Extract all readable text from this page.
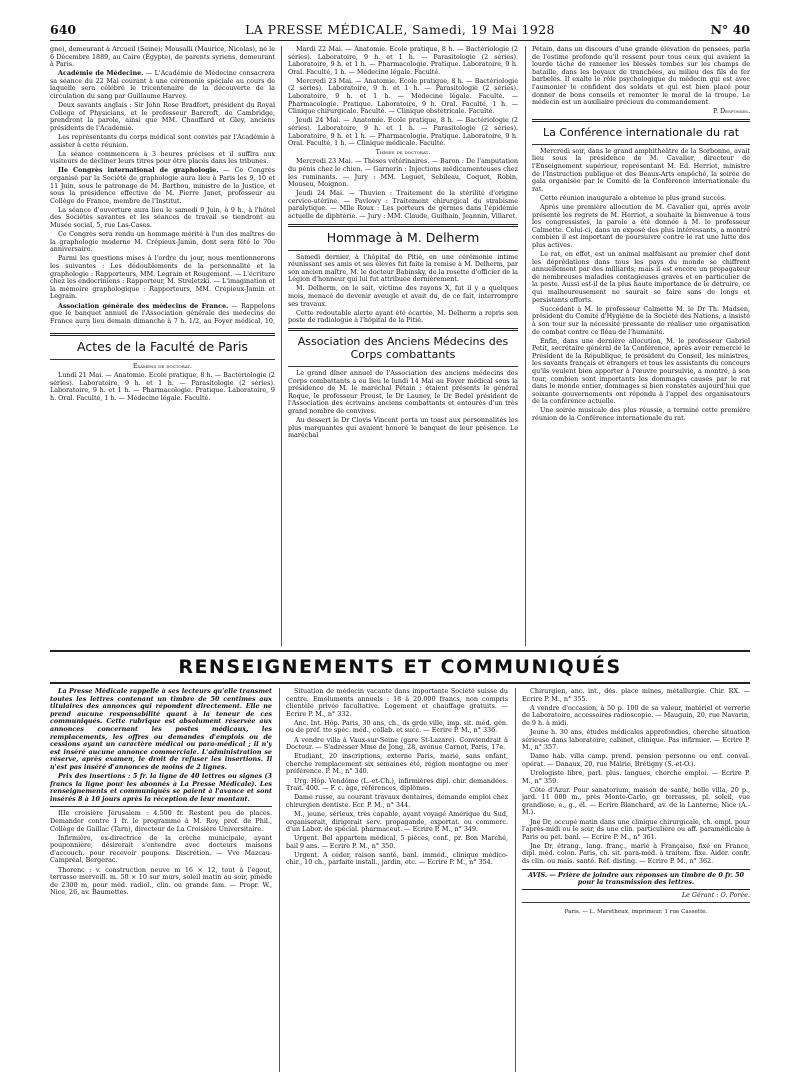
640	LA PRESSE MÉDICALE, Samedi, 19 Mai 1928	N° 40

gne), demeurant à Arcueil (Seine); Mousalli (Maurice, Nicolas), né le 6 Décembre 1889, au Caire (Égypte), de parents syriens, demeurant à Paris.

Académie de Médecine. — L'Académie de Médecine consacrera sa séance du 22 Mai courant à une cérémonie spéciale au cours de laquelle sera célébré le tricentenaire de la découverte de la circulation du sang par Guillaume Harvey.

Deux savants anglais : Sir John Rose Bradfort, président du Royal College of Physicians, et le professeur Barcroft, de Cambridge, prendront la parole, ainsi que MM. Chauffard et Gley, anciens présidents de l'Académie.

Les représentants du corps médical sont conviés par l'Académie à assister à cette réunion.

La séance commencera à 3 heures précises et il suffira aux visiteurs de décliner leurs titres pour être placés dans les tribunes.

IIe Congrès international de graphologie. — Ce Congrès organisé par la Société de graphologie aura lieu à Paris les 9, 10 et 11 Juin, sous le patronage de M. Barthou, ministre de la Justice, et sous la présidence effective de M. Pierre Janet, professeur au Collège de France, membre de l'Institut.

La séance d'ouverture aura lieu le samedi 9 Juin, à 9 h., à l'hôtel des Sociétés savantes et les séances de travail se tiendront au Musée social, 5, rue Las-Cases.

Ce Congrès sera rendu un hommage mérité à l'un des maîtres de la graphologie moderne M. Crépieux-Jamin, dont sera fêté le 70e anniversaire.

Parmi les questions mises à l'ordre du jour, nous mentionnerons les suivantes : Les dédoublements de la personnalité et la graphologie : Rapporteurs, MM. Legrain et Rougemont. — L'écriture chez les endocriniens : Rapporteur, M. Streletzki. — L'imagination et la mémoire graphologique : Rapporteurs, MM. Crépieux-Jamin et Legrain.

Association générale des médecins de France. — Rappelons que le banquet annuel de l'Association générale des médecins de France aura lieu demain dimanche à 7 h. 1/2, au Foyer médical, 10,

Actes de la Faculté de Paris

Examens de doctorat.

Lundi 21 Mai. — Anatomie. Ecole pratique, 8 h. — Bactériologie (2 séries). Laboratoire, 9 h. et 1 h. — Parasitologie (2 séries). Laboratoire, 9 h. et 1 h. — Pharmacologie. Pratique. Laboratoire, 9 h. Oral. Faculté, 1 h. — Médecine légale. Faculté.

Mardi 22 Mai. — Anatomie. Ecole pratique, 8 h. — Bactériologie (2 séries). Laboratoire, 9 h. et 1 h. — Parasitologie (2 séries). Laboratoire, 9 h. et 1 h. — Pharmacologie. Pratique. Laboratoire, 9 h. Oral. Faculté, 1 h. — Médecine légale. Faculté.

Mercredi 23 Mai. — Anatomie. Ecole pratique, 8 h. — Bactériologie (2 séries). Laboratoire, 9 h. et 1 h. — Parasitologie (2 séries). Laboratoire, 9 h. et 1 h. — Médecine légale. Faculté. — Pharmacologie. Pratique. Laboratoire, 9 h. Oral. Faculté, 1 h. — Clinique chirurgicale. Faculté. — Clinique obstétricale. Faculté.

Jeudi 24 Mai. — Anatomie. Ecole pratique, 8 h. — Bactériologie (2 séries). Laboratoire, 9 h. et 1 h. — Parasitologie (2 séries). Laboratoire, 9 h. et 1 h. — Pharmacologie. Pratique. Laboratoire, 9 h. Oral. Faculté, 1 h. — Clinique médicale. Faculté.

Thèses de doctorat.

Mercredi 23 Mai. — Thèses vétérinaires. — Baron : De l'amputation du pénis chez le chien. — Garnerin : Injections médicamenteuses chez les ruminants. — Jury : MM. Leguet, Sebileau, Coquot, Robin, Mouseu, Moignon.

Jeudi 24 Mai. — Thuvien : Traitement de la stérilité d'origine cervico-utérine. — Pavlowy : Traitement chirurgical du strabisme paralytique. — Mlle Roux : Les porteurs de germes dans l'épidémie actuelle de diphtérie. — Jury : MM. Claude, Guilhain, Jeannin, Villaret.

Hommage à M. Delherm

Samedi dernier, à l'hôpital de Pitié, en une cérémonie intime réunissant ses amis et ses élèves fut faite la remise à M. Delherm, par son ancien maître, M. le docteur Babinsky, de la rosette d'officier de la Légion d'honneur qui lui fut attribuée dernièrement.

M. Delherm, on le sait, victime des rayons X, fut il y a quelques mois, menacé de devenir aveugle et avait du, de ce fait, interrompre ses travaux.

Cette redoutable alerte ayant été écartée, M. Delherm a repris son poste de radiologue à l'hôpital de la Pitié.

Association des Anciens Médecins des Corps combattants

Le grand dîner annuel de l'Association des anciens médecins des Corps combattants a eu lieu le lundi 14 Mai au Foyer médical sous la présidence de M. le maréchal Pétain ; étaient présents le général Roque, le professeur Proust, le Dr Launey, le Dr Bedel président de l'Association des écrivains anciens combattants et entourés d'un très grand nombre de convives.

Au dessert le Dr Clovis Vincent porta un toast aux personnalités les plus marquantes qui avaient honoré le banquet de leur présence. Le maréchal

Pétain, dans un discours d'une grande élévation de pensées, parla de l'estime profonde qu'il ressent pour tous ceux qui avaient la lourde tâche de ramener les blessés tombés sur les champs de bataille, dans les boyaux de tranchées, au milieu des fils de fer barbelés. Il exalte le rôle psychologique du médecin qui est avec l'aumonier le confident des soldats et qui est bien placé pour donner de bons conseils et remonter le moral de la troupe. Le médecin est un auxiliaire précieux du commandement.

P. Desfosses.

La Conférence internationale du rat

Mercredi soir, dans le grand amphithéâtre de la Sorbonne, avait lieu sous la présidence de M. Cavalier, directeur de l'Enseignement supérieur, représentant M. Ed. Herriot, ministre de l'Instruction publique et des Beaux-Arts empêché, la soirée de gala organisée par le Comité de la Conférence internationale du rat.

Cette réunion inaugurale a obtenue le plus grand succès.

Après une première allocution de M. Cavalier qui, après avoir présenté les regrets de M. Herriot, a souhaité la bienvenue à tous les congressistes, la parole a été donnée à M. le professeur Calmette. Celui-ci, dans un exposé des plus intéressants, a montré combien il est important de poursuivre contre le rat une lutte des plus actives.

Le rat, en effet, est un animal malfaisant au premier chef dont les déprédations dans tous les pays du monde se chiffrent annuellement par des milliards; mais il est encore un propagateur de nombreuses maladies contagieuses graves et en particulier de la peste. Aussi est-il de la plus haute importance de le détruire, ce qui malheureusement ne saurait se faire sans de longs et persistants efforts.

Succédant à M. le professeur Calmette M. le Dr Th. Madsen, président du Comité d'Hygiène de la Société des Nations, a insisté à son tour sur la nécessité pressante de réaliser une organisation de combat contre ce fléau de l'humanité.

Enfin, dans une dernière allocution, M. le professeur Gabriel Petit, secrétaire général de la Conférence, après avoir remercié le Président de la République, le président du Conseil, les ministres, les savants français et étrangers et tous les assistants du concours qu'ils veulent bien apporter à l'œuvre poursuivie, a montré, à son tour, combien sont importants les dommages causés par le rat dans le monde entier, dommages si bien constatés aujourd'hui que soixante gouvernements ont répondu à l'appel des organisateurs de la conférence actuelle.

Une soirée musicale des plus réussie, a terminé cette première réunion de la Conférence internationale du rat.

RENSEIGNEMENTS ET COMMUNIQUÉS

La Presse Médicale rappelle à ses lecteurs qu'elle transmet toutes les lettres contenant un timbre de 50 centimes aux titulaires des annonces qui répondent directement. Elle ne prend aucune responsabilité quant à la teneur de ces communiqués. Cette rubrique est absolument réservée aux annonces concernant les postes médicaux, les remplacements, les offres ou demandes d'emplois ou de cessions ayant un caractère médical ou para-médical ; il n'y est inséré aucune annonce commerciale. L'administration se réserve, après examen, le droit de refuser les insertions. Il n'est pas inséré d'annonces de moins de 2 lignes.

Prix des insertions : 5 fr. la ligne de 40 lettres ou signes (3 francs la ligne pour les abonnés à La Presse Médicale). Les renseignements et communiqués se paient à l'avance et sont insérés 8 à 10 jours après la réception de leur montant.

IIIe croisière Jérusalem : 4.500 fr. Restent peu de places. Demander contre 1 fr. le programme à M. Roy, prof. de Phil., Collège de Gaillac (Tarn), directeur de La Croisière Universitaire.

Infirmière, ex-directrice de la crèche municipale, ayant pouponnière, désirerait s'entendre avec docteurs maisons d'accouch. pour recevoir poupons. Discrétion. — Vve Mazcau-Campréal, Bergerac.

Thorenc : v. construction neuve m 16 × 12, tout à l'égout, terrasse merveill. m. 50 × 10 sur murs, soleil matin au soir, pinède de 2300 m, pour méd. radiol., clin. ou grande fam. — Propr. W., Nice, 26, av. Baumettes.

Situation de médecin vacante dans importante Société suisse du centre. Emoluments annuels : 18 à 20.000 francs, non compris clientèle privée facultative. Logement et chauffage gratuits. — Ecrire P. M., n° 332.

Anc. Int. Hôp. Paris, 30 ans, ch., ds grde ville, imp. sit. méd. gén. ou de préf. tte spéc. méd., collab. et succ. — Ecrire P. M., n° 336.

A vendre villa à Vaux-sur-Seine (gare St-Lazare). Conviendrait à Docteur. — S'adresser Mme de Jong, 28, avenue Carnot, Paris, 17e.

Etudiant, 20 inscriptions, externe Paris, marié, sans enfant, cherche remplacement six semaines été, région montagne ou mer préférence. P. M., n° 340.

Urg. Hôp. Vendôme (L.-et-Ch.), infirmières dipl. chir. demandées. Trait. 400. — F. c. âge, références, diplômes.

Dame russe, au courant travaux dentaires, demande emploi chez chirurgien dentiste. Ecr. P. M., n° 344.

M., jeune, sérieux, très capable, ayant voyagé Amérique du Sud, organiserait, dirigerait serv. propagande, exportat. ou commerc. d'un Labor. de spécial. pharmaceut. — Ecrire P. M., n° 349.

Urgent. Bel appartem médical, 5 pièces, conf., pr. Bon Marché, bail 9 ans. — Ecrire P. M., n° 350.

Urgent. A céder, raison santé, banl. imméd., clinique médico-chir., 10 ch., parfaite install., jardin, etc. — Ecrire P. M., n° 354.

Chirurgien, anc. int., dés. place mines, métallurgie. Chir. RX. — Ecrire P. M., n° 355.

A vendre d'occasion, à 50 p. 100 de sa valeur, matériel et verrerie de Laboratoire, accessoires radioscopie. — Mauguin, 20, rue Navarin, de 9 h. à midi.

Jeune h. 30 ans, études médicales approfondies, cherche situation sérieuse dans laboratoire, cabinet, clinique. Pas infirmier. — Ecrire P. M., n° 357.

Dame hab. villa camp. prend. pension personne ou enf. conval. opérat. — Danaux, 20, rue Mairie, Brétigny (S.-et-O.).

Urologiste libre, parl. plus. langues, cherche emploi. — Ecrire P. M., n° 359.

Côte d'Azur. Pour sanatorium, maison de santé, belle villa, 20 p., jard. 11 000 m., près Monte-Carlo, gr. terrasses, pl. soleil, vue grandiose, e., g., él. — Ecrire Blanchard, av. de la Lanterne, Nice (A.-M.).

Jne Dr, occupé matin dans une clinique chirurgicale, ch. empl. pour l'après-midi ou le soir, ds une clin. particulière ou aff. paramédicale à Paris ou pet. banl. — Ecrire P. M., n° 361.

Jne Dr, étrang., lang. franç., marié à Française, fixé en France, dipl. méd. colon. Paris, ch. sit. para-méd. à traitem. fixe. Aider. confr. ds clin. ou mais. santé. Réf. disting. — Ecrire P. M., n° 362.

AVIS. — Prière de joindre aux réponses un timbre de 0 fr. 50 pour la transmission des lettres.
Le Gérant : O. Porée.
Paris. — L. Maretheux, imprimeur, 1 rue Cassette.
